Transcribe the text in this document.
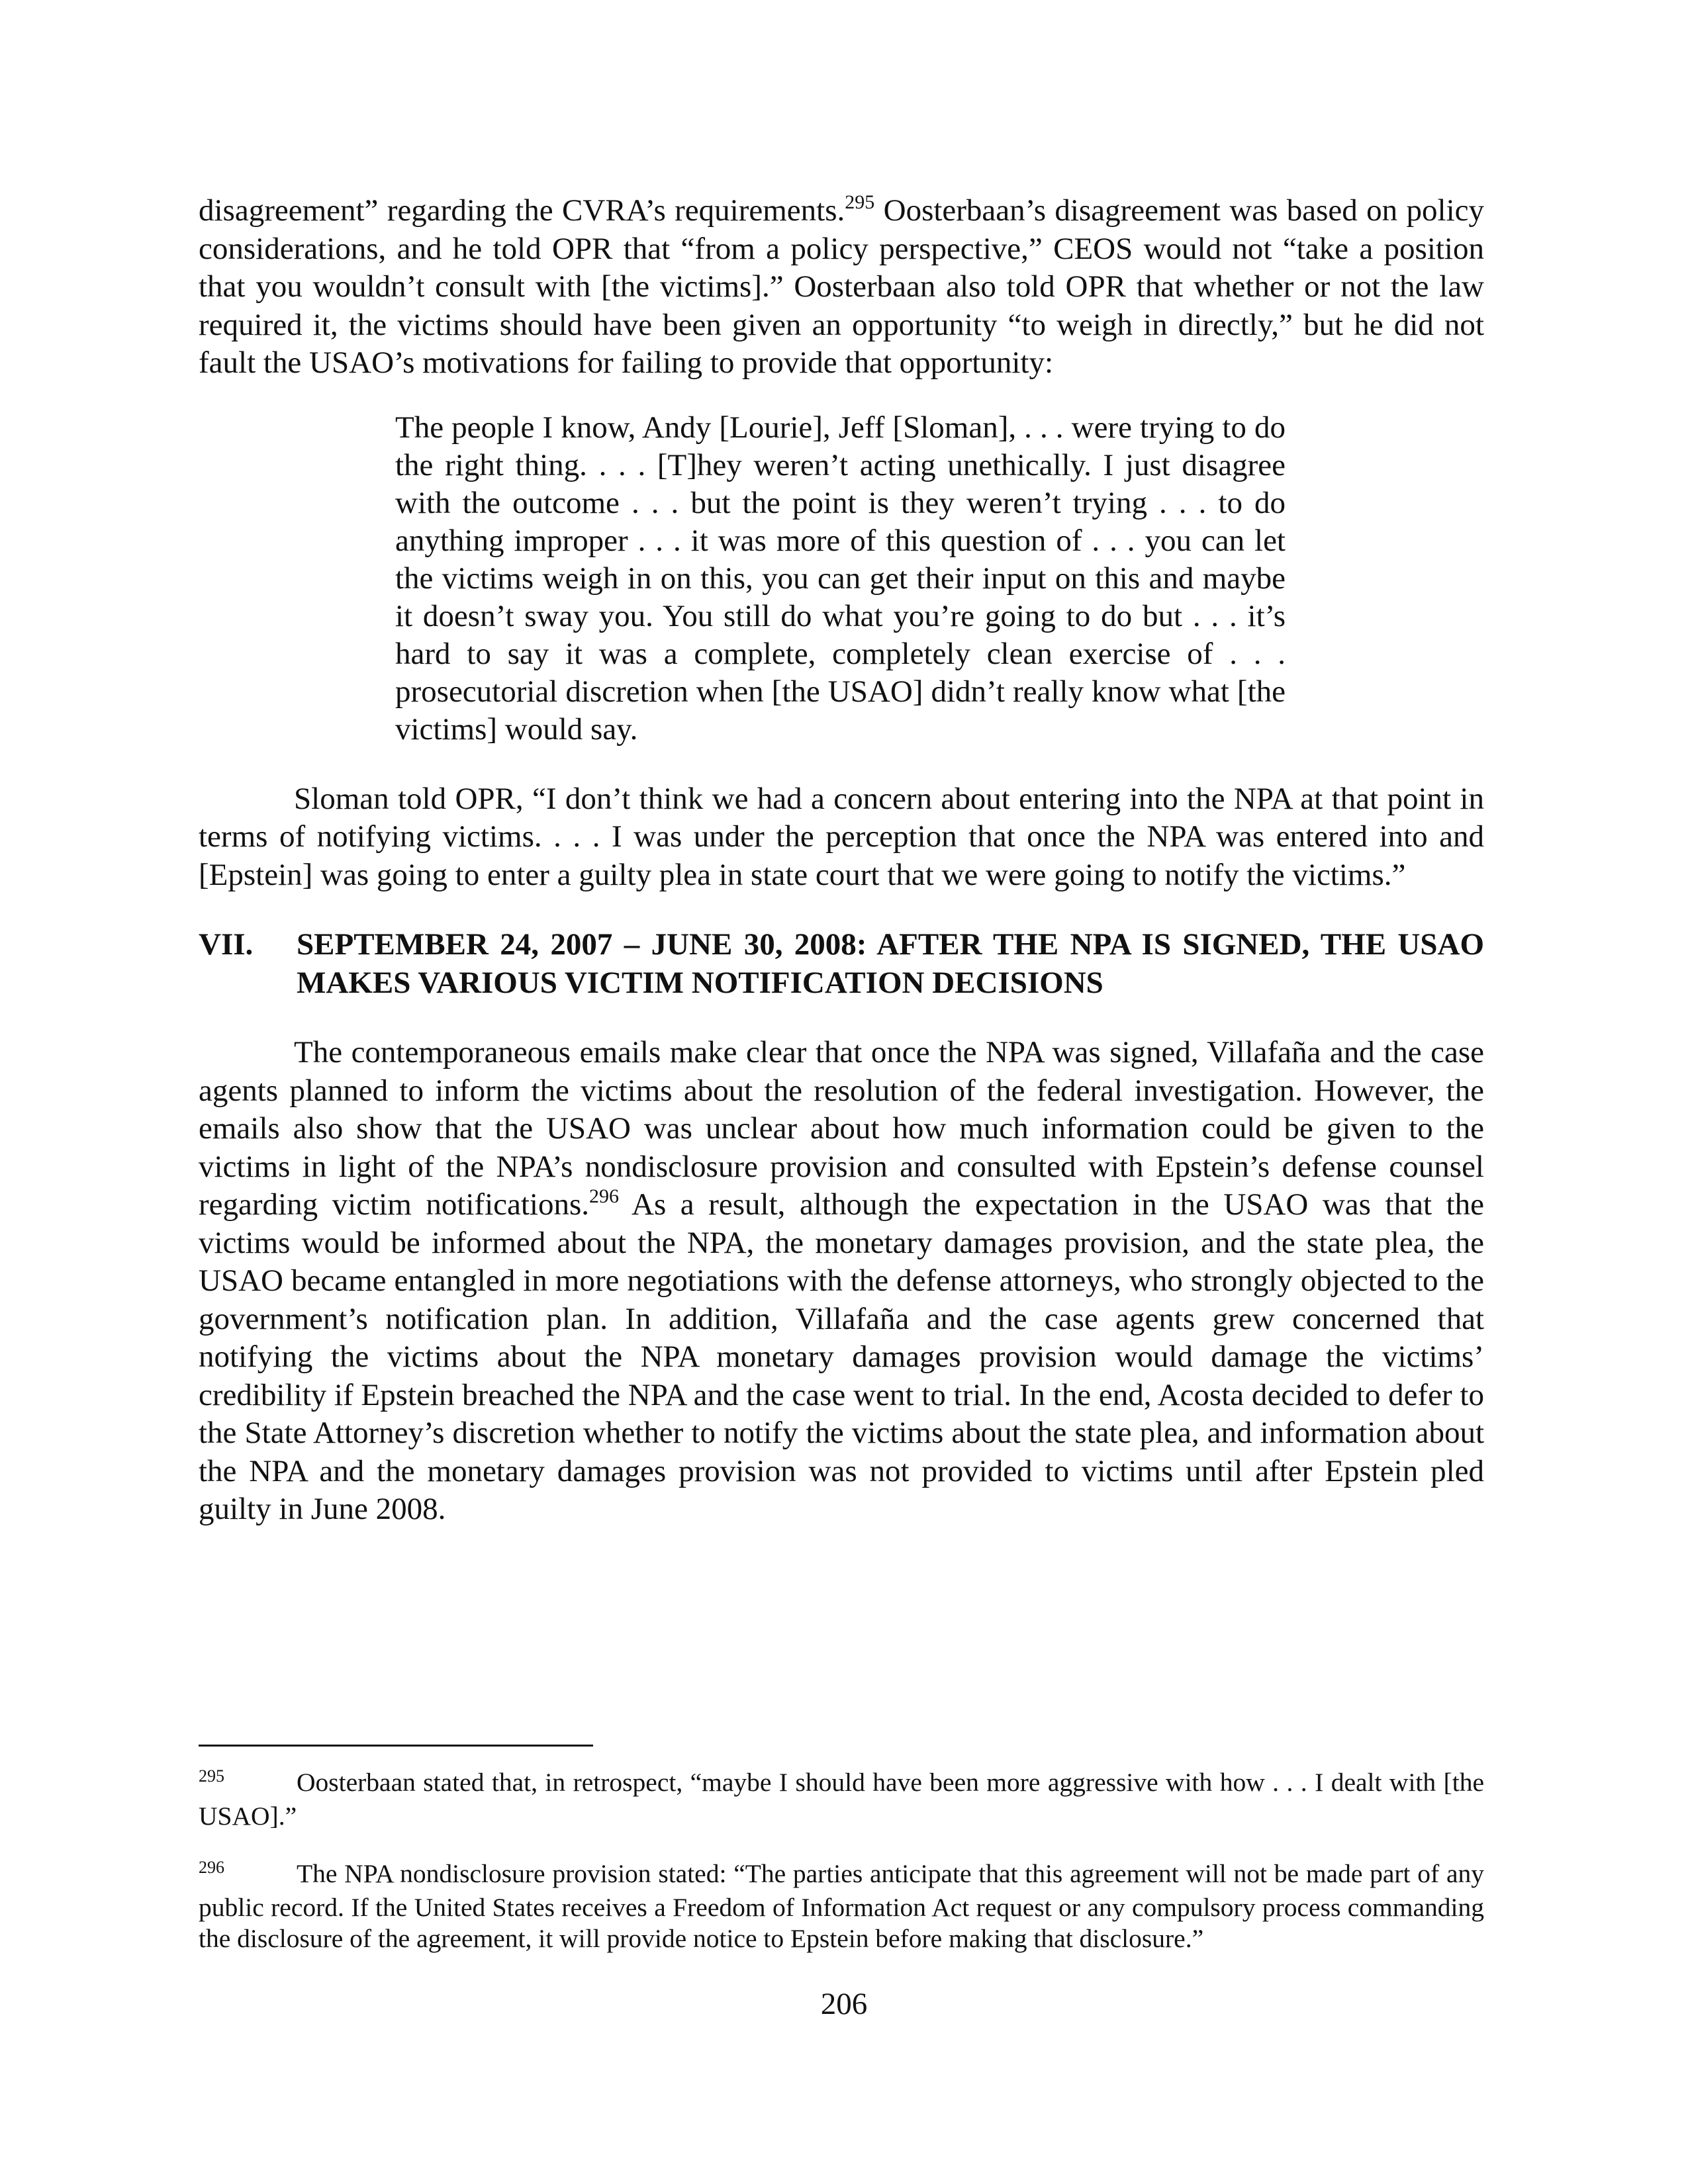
disagreement” regarding the CVRA’s requirements.$^{295}$ Oosterbaan’s disagreement was based on policy considerations, and he told OPR that “from a policy perspective,” CEOS would not “take a position that you wouldn’t consult with [the victims].” Oosterbaan also told OPR that whether or not the law required it, the victims should have been given an opportunity “to weigh in directly,” but he did not fault the USAO’s motivations for failing to provide that opportunity:

The people I know, Andy [Lourie], Jeff [Sloman], . . . were trying to do the right thing. . . . [T]hey weren’t acting unethically. I just disagree with the outcome . . . but the point is they weren’t trying . . . to do anything improper . . . it was more of this question of . . . you can let the victims weigh in on this, you can get their input on this and maybe it doesn’t sway you. You still do what you’re going to do but . . . it’s hard to say it was a complete, completely clean exercise of . . . prosecutorial discretion when [the USAO] didn’t really know what [the victims] would say.

Sloman told OPR, “I don’t think we had a concern about entering into the NPA at that point in terms of notifying victims. . . . I was under the perception that once the NPA was entered into and [Epstein] was going to enter a guilty plea in state court that we were going to notify the victims.”

VII.	SEPTEMBER 24, 2007 – JUNE 30, 2008: AFTER THE NPA IS SIGNED, THE USAO MAKES VARIOUS VICTIM NOTIFICATION DECISIONS

The contemporaneous emails make clear that once the NPA was signed, Villafaña and the case agents planned to inform the victims about the resolution of the federal investigation. However, the emails also show that the USAO was unclear about how much information could be given to the victims in light of the NPA’s nondisclosure provision and consulted with Epstein’s defense counsel regarding victim notifications.$^{296}$ As a result, although the expectation in the USAO was that the victims would be informed about the NPA, the monetary damages provision, and the state plea, the USAO became entangled in more negotiations with the defense attorneys, who strongly objected to the government’s notification plan. In addition, Villafaña and the case agents grew concerned that notifying the victims about the NPA monetary damages provision would damage the victims’ credibility if Epstein breached the NPA and the case went to trial. In the end, Acosta decided to defer to the State Attorney’s discretion whether to notify the victims about the state plea, and information about the NPA and the monetary damages provision was not provided to victims until after Epstein pled guilty in June 2008.

295	Oosterbaan stated that, in retrospect, “maybe I should have been more aggressive with how . . . I dealt with [the USAO].”

296	The NPA nondisclosure provision stated: “The parties anticipate that this agreement will not be made part of any public record. If the United States receives a Freedom of Information Act request or any compulsory process commanding the disclosure of the agreement, it will provide notice to Epstein before making that disclosure.”

206
